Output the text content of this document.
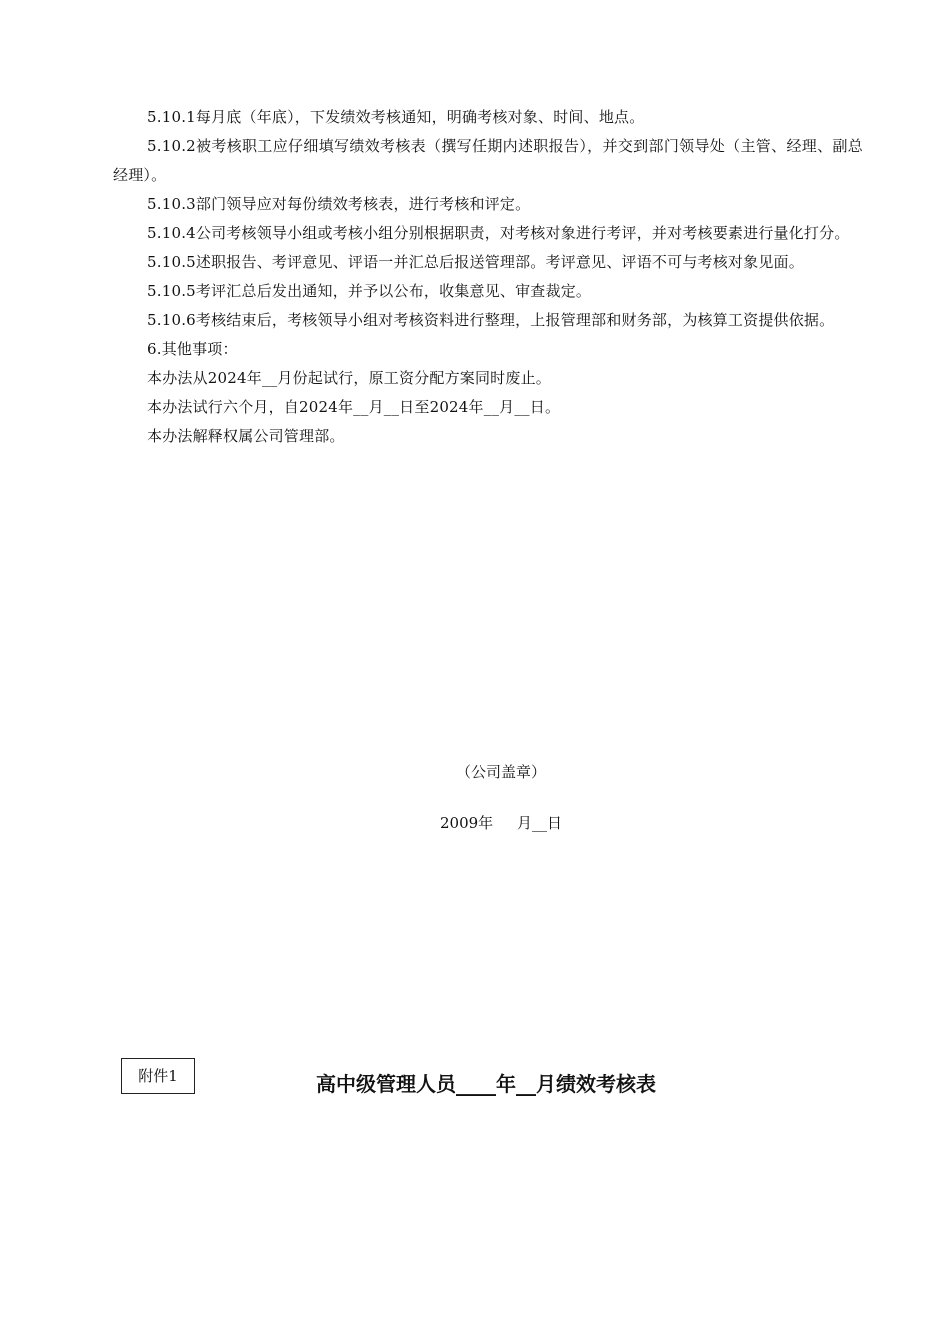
5.10.1每月底（年底），下发绩效考核通知，明确考核对象、时间、地点。

5.10.2被考核职工应仔细填写绩效考核表（撰写任期内述职报告），并交到部门领导处（主管、经理、副总经理）。

5.10.3部门领导应对每份绩效考核表，进行考核和评定。

5.10.4公司考核领导小组或考核小组分别根据职责，对考核对象进行考评，并对考核要素进行量化打分。

5.10.5述职报告、考评意见、评语一并汇总后报送管理部。考评意见、评语不可与考核对象见面。

5.10.5考评汇总后发出通知，并予以公布，收集意见、审查裁定。

5.10.6考核结束后，考核领导小组对考核资料进行整理，上报管理部和财务部，为核算工资提供依据。

6.其他事项：

本办法从2024年__月份起试行，原工资分配方案同时废止。

本办法试行六个月，自2024年__月__日至2024年__月__日。

本办法解释权属公司管理部。

（公司盖章）
2009年     月__日
附件1	高中级管理人员____年__月绩效考核表
